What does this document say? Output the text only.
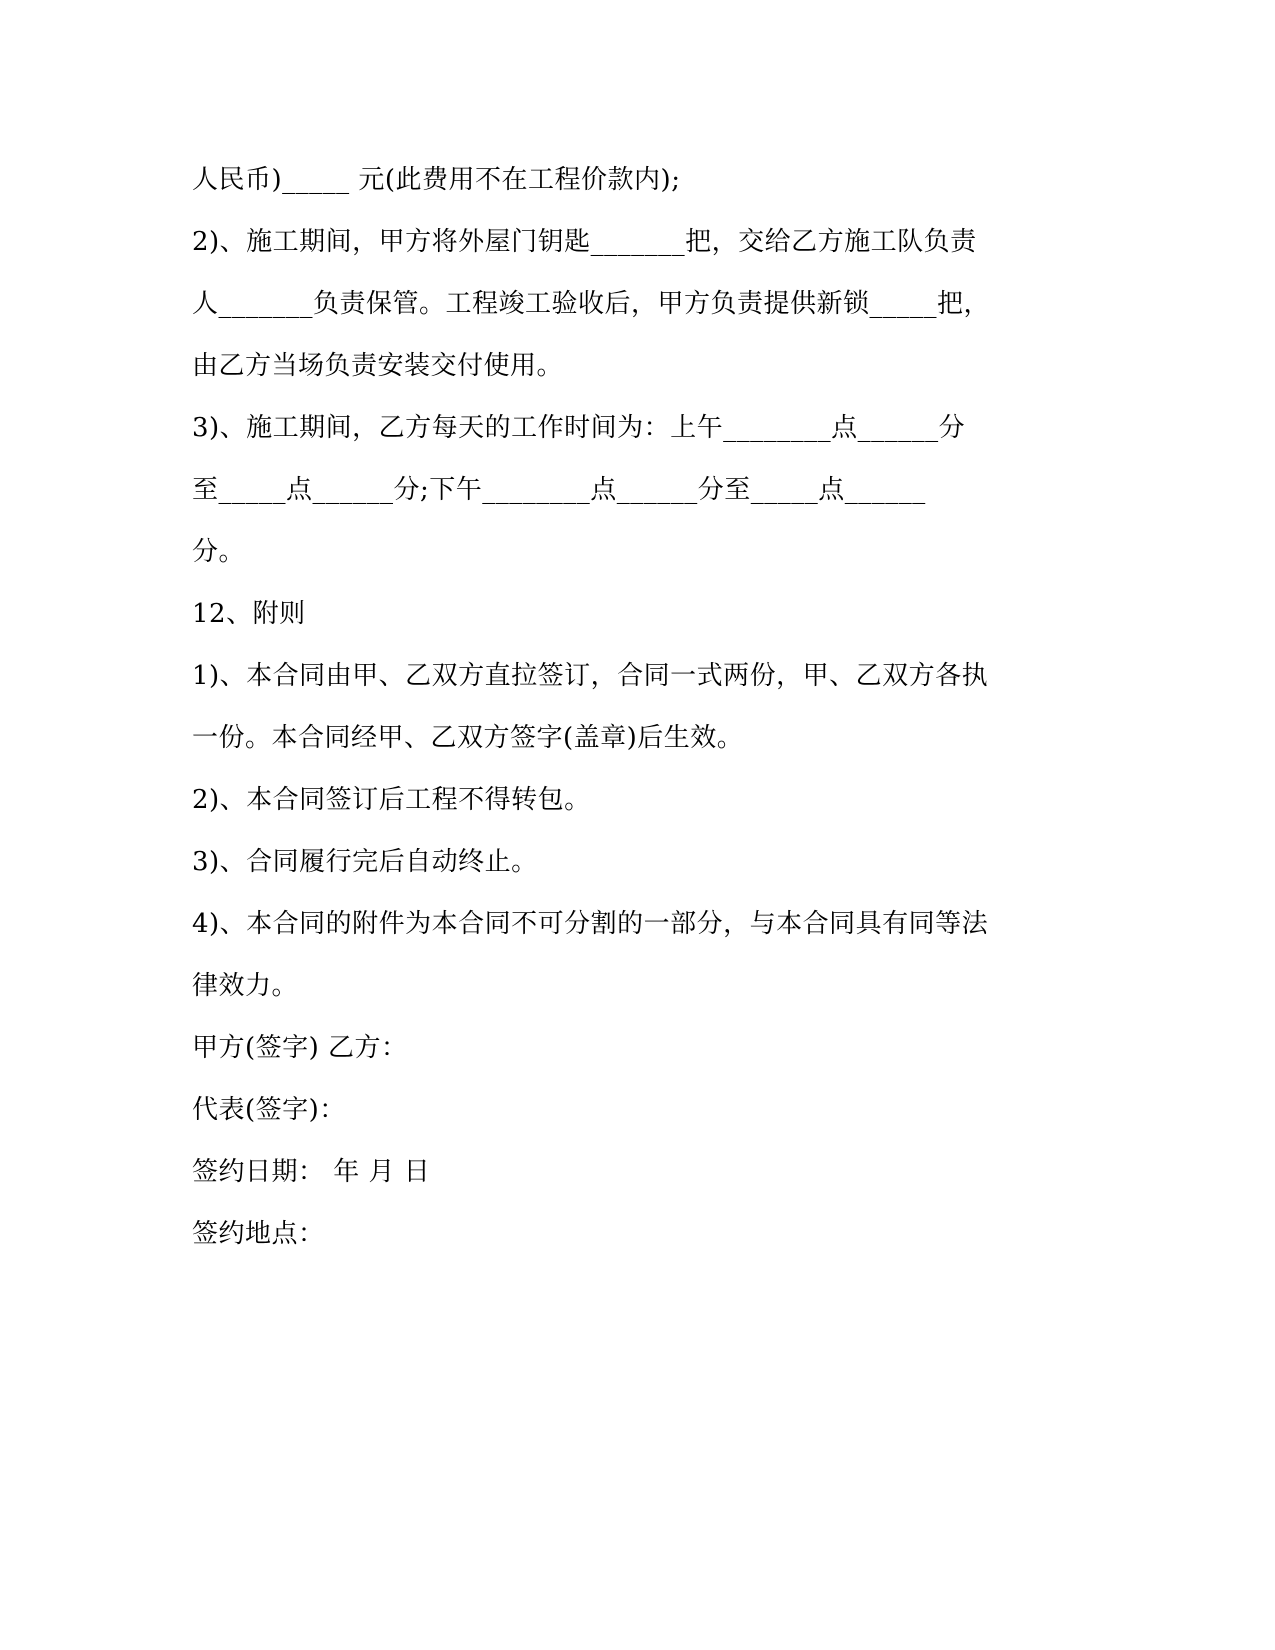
人民币)_____ 元(此费用不在工程价款内);
2)、施工期间，甲方将外屋门钥匙_______把，交给乙方施工队负责
人_______负责保管。工程竣工验收后，甲方负责提供新锁_____把，
由乙方当场负责安装交付使用。
3)、施工期间，乙方每天的工作时间为：上午________点______分
至_____点______分;下午________点______分至_____点______
分。
12、附则
1)、本合同由甲、乙双方直拉签订，合同一式两份，甲、乙双方各执
一份。本合同经甲、乙双方签字(盖章)后生效。
2)、本合同签订后工程不得转包。
3)、合同履行完后自动终止。
4)、本合同的附件为本合同不可分割的一部分，与本合同具有同等法
律效力。
甲方(签字) 乙方：
代表(签字)：
签约日期： 年 月 日
签约地点：
